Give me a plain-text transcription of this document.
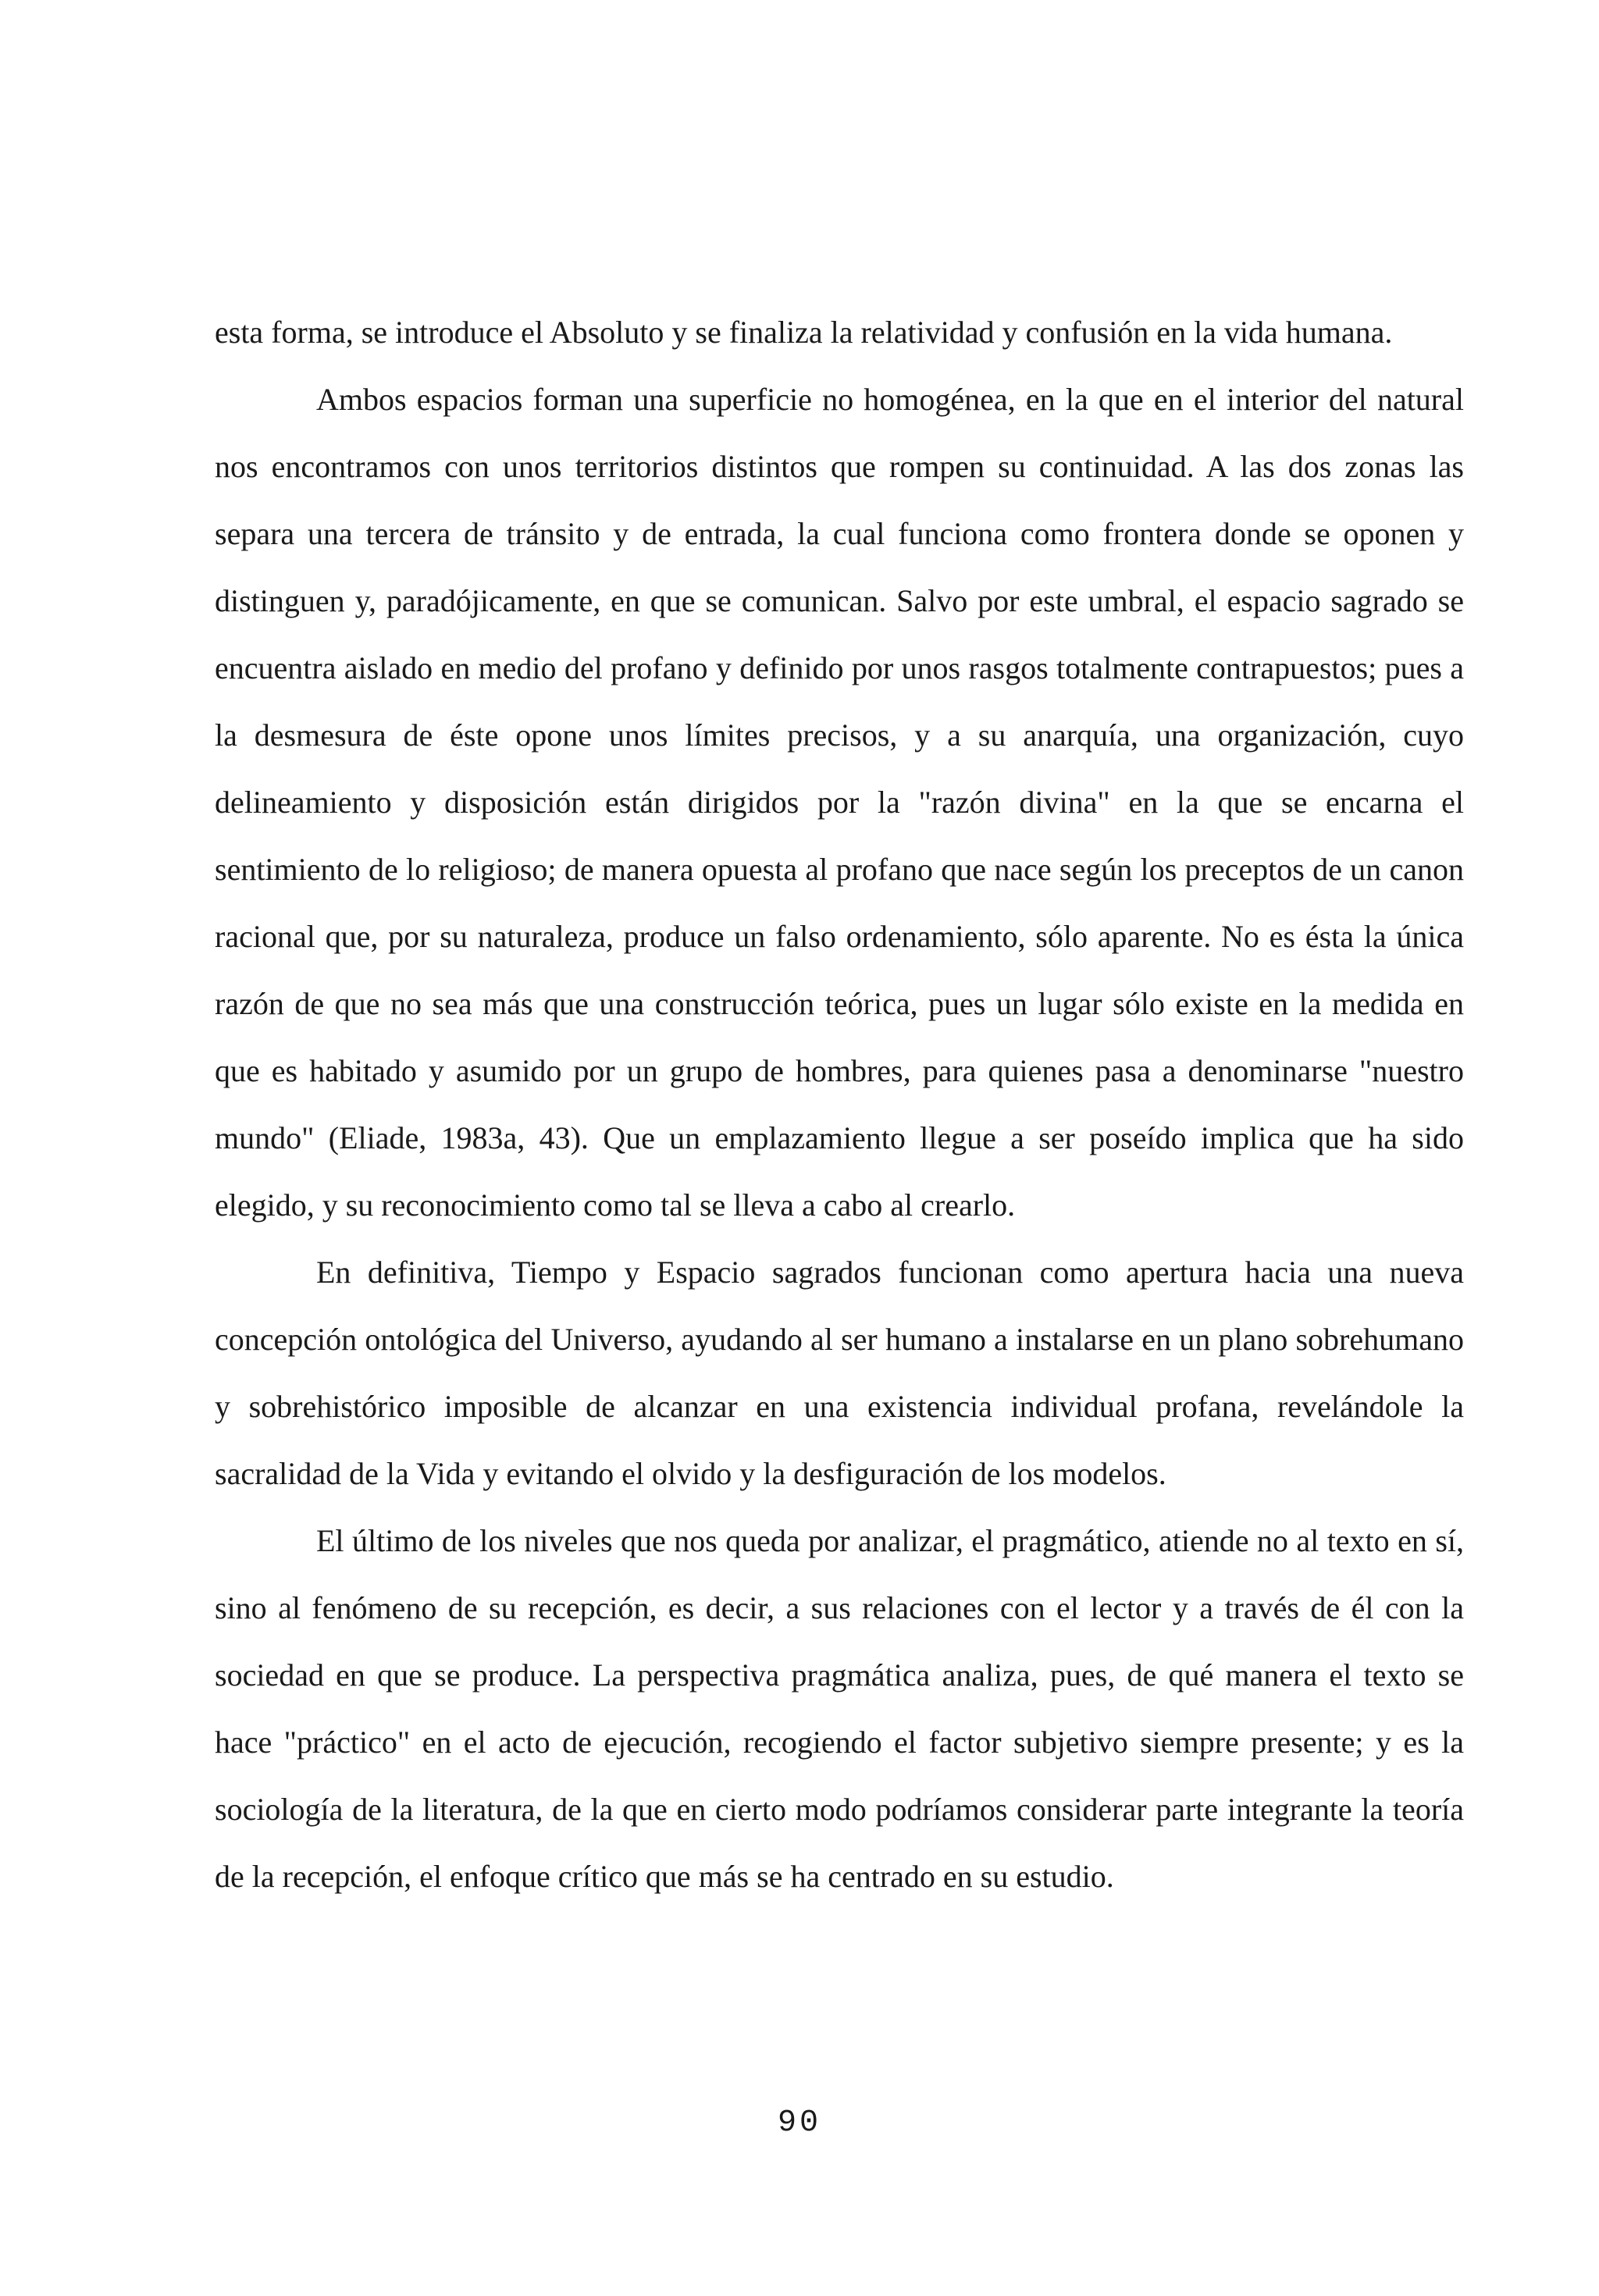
esta forma, se introduce el Absoluto y se finaliza la relatividad y confusión en la vida humana.

Ambos espacios forman una superficie no homogénea, en la que en el interior del natural nos encontramos con unos territorios distintos que rompen su continuidad. A las dos zonas las separa una tercera de tránsito y de entrada, la cual funciona como frontera donde se oponen y distinguen y, paradójicamente, en que se comunican. Salvo por este umbral, el espacio sagrado se encuentra aislado en medio del profano y definido por unos rasgos totalmente contrapuestos; pues a la desmesura de éste opone unos límites precisos, y a su anarquía, una organización, cuyo delineamiento y disposición están dirigidos por la "razón divina" en la que se encarna el sentimiento de lo religioso; de manera opuesta al profano que nace según los preceptos de un canon racional que, por su naturaleza, produce un falso ordenamiento, sólo aparente. No es ésta la única razón de que no sea más que una construcción teórica, pues un lugar sólo existe en la medida en que es habitado y asumido por un grupo de hombres, para quienes pasa a denominarse "nuestro mundo" (Eliade, 1983a, 43). Que un emplazamiento llegue a ser poseído implica que ha sido elegido, y su reconocimiento como tal se lleva a cabo al crearlo.

En definitiva, Tiempo y Espacio sagrados funcionan como apertura hacia una nueva concepción ontológica del Universo, ayudando al ser humano a instalarse en un plano sobrehumano y sobrehistórico imposible de alcanzar en una existencia individual profana, revelándole la sacralidad de la Vida y evitando el olvido y la desfiguración de los modelos.

El último de los niveles que nos queda por analizar, el pragmático, atiende no al texto en sí, sino al fenómeno de su recepción, es decir, a sus relaciones con el lector y a través de él con la sociedad en que se produce. La perspectiva pragmática analiza, pues, de qué manera el texto se hace "práctico" en el acto de ejecución, recogiendo el factor subjetivo siempre presente; y es la sociología de la literatura, de la que en cierto modo podríamos considerar parte integrante la teoría de la recepción, el enfoque crítico que más se ha centrado en su estudio.

90
